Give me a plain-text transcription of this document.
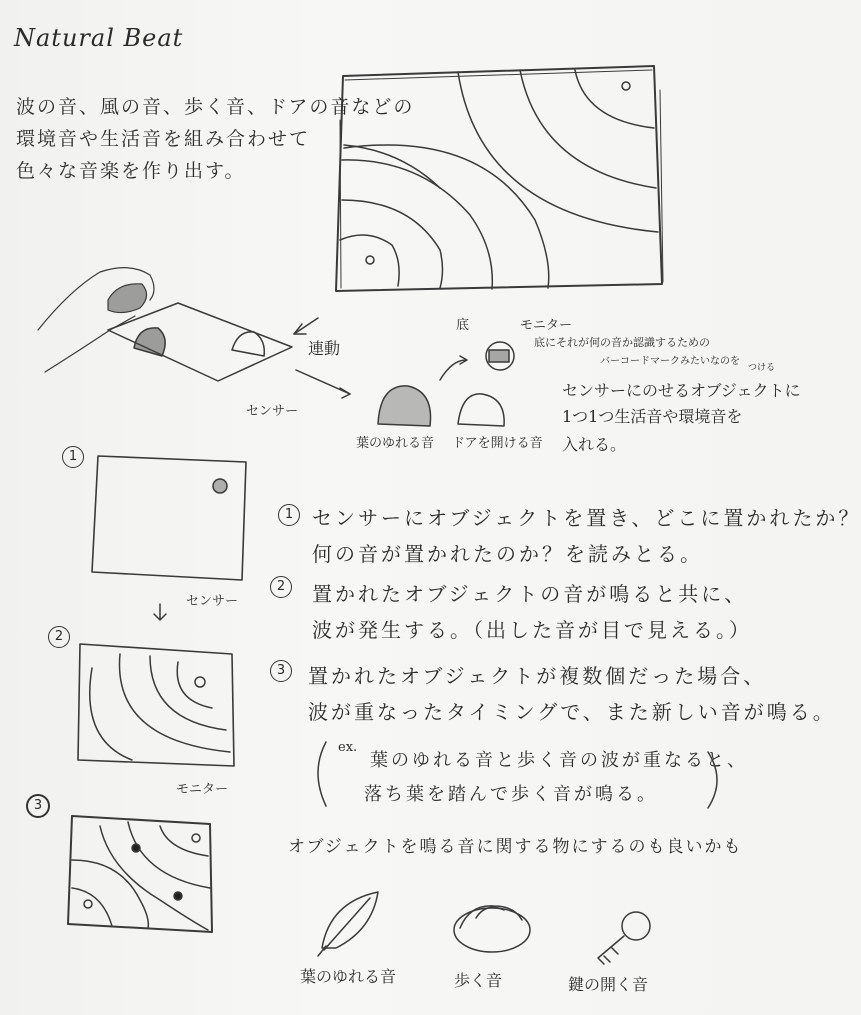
Natural Beat
波の音、風の音、歩く音、ドアの音などの
環境音や生活音を組み合わせて
色々な音楽を作り出す。
連動
センサー
底	モニター
底にそれが何の音か認識するための
バーコードマークみたいなのを
つける
センサーにのせるオブジェクトに
1つ1つ生活音や環境音を
入れる。
葉のゆれる音 ドアを開ける音
1
センサー
2
モニター
3
1 センサーにオブジェクトを置き、どこに置かれたか？
何の音が置かれたのか？を読みとる。
2	置かれたオブジェクトの音が鳴ると共に、
波が発生する。（出した音が目で見える。）
3	置かれたオブジェクトが複数個だった場合、
波が重なったタイミングで、また新しい音が鳴る。
ex.
葉のゆれる音と歩く音の波が重なると、
落ち葉を踏んで歩く音が鳴る。
オブジェクトを鳴る音に関する物にするのも良いかも
葉のゆれる音	歩く音	鍵の開く音
